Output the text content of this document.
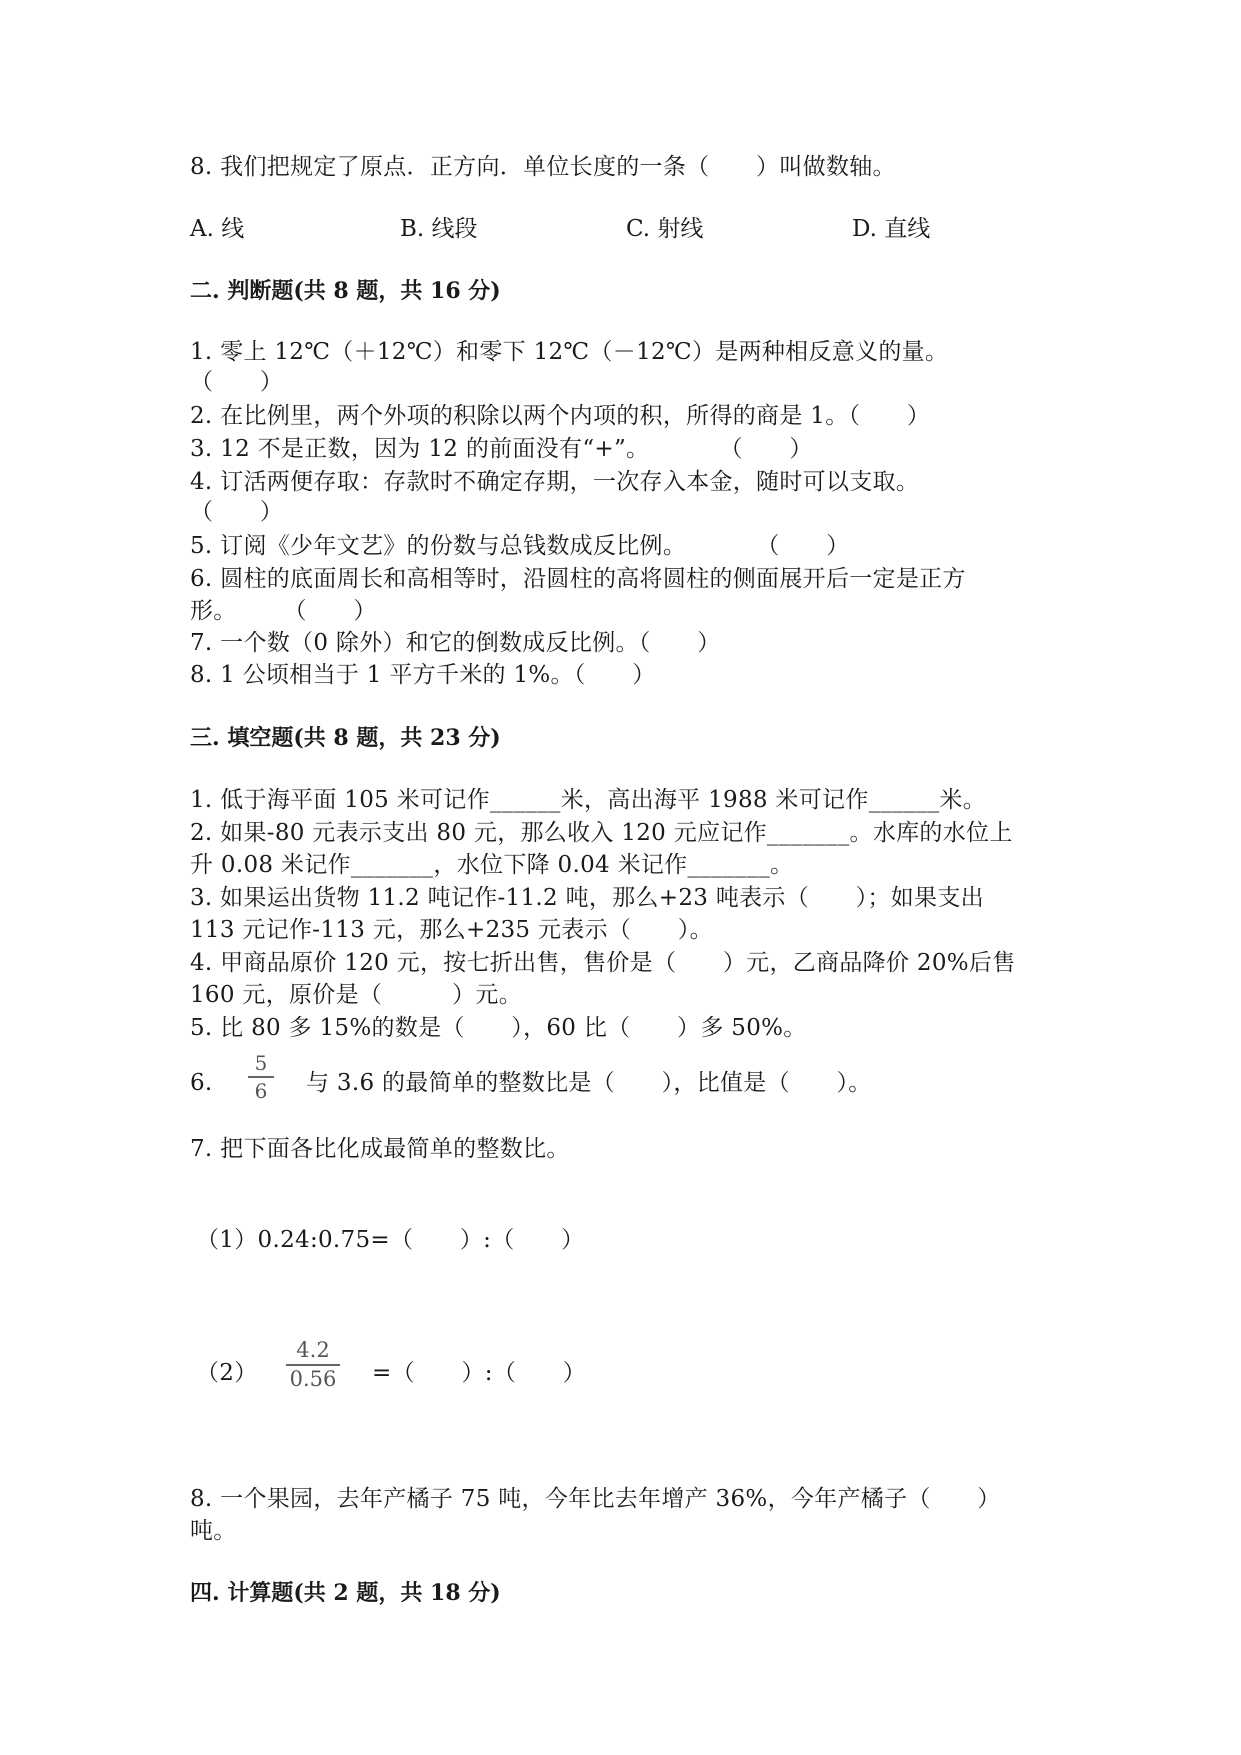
8. 我们把规定了原点．正方向．单位长度的一条（　　）叫做数轴。
A. 线	B. 线段	C. 射线	D. 直线
二. 判断题(共 8 题，共 16 分)
1. 零上 12℃（＋12℃）和零下 12℃（－12℃）是两种相反意义的量。
（　　）
2. 在比例里，两个外项的积除以两个内项的积，所得的商是 1。（　　）
3. 12 不是正数，因为 12 的前面没有“+”。　　　　（　　）
4. 订活两便存取：存款时不确定存期，一次存入本金，随时可以支取。
（　　）
5. 订阅《少年文艺》的份数与总钱数成反比例。　　　　（　　）
6. 圆柱的底面周长和高相等时，沿圆柱的高将圆柱的侧面展开后一定是正方
形。　　　（　　）
7. 一个数（0 除外）和它的倒数成反比例。（　　）
8. 1 公顷相当于 1 平方千米的 1%。（　　）
三. 填空题(共 8 题，共 23 分)
1. 低于海平面 105 米可记作______米，高出海平 1988 米可记作______米。
2. 如果-80 元表示支出 80 元，那么收入 120 元应记作_______。水库的水位上
升 0.08 米记作_______，水位下降 0.04 米记作_______。
3. 如果运出货物 11.2 吨记作-11.2 吨，那么+23 吨表示（　　）；如果支出
113 元记作-113 元，那么+235 元表示（　　）。
4. 甲商品原价 120 元，按七折出售，售价是（　　）元，乙商品降价 20%后售
160 元，原价是（　　　）元。
5. 比 80 多 15%的数是（　　），60 比（　　）多 50%。
6.
5
6 与 3.6 的最简单的整数比是（　　），比值是（　　）。
7. 把下面各比化成最简单的整数比。
（1）0.24:0.75=（　　）:（　　）
（2）
4.2
0.56 =（　　）:（　　）
8. 一个果园，去年产橘子 75 吨，今年比去年增产 36%，今年产橘子（　　）
吨。
四. 计算题(共 2 题，共 18 分)
